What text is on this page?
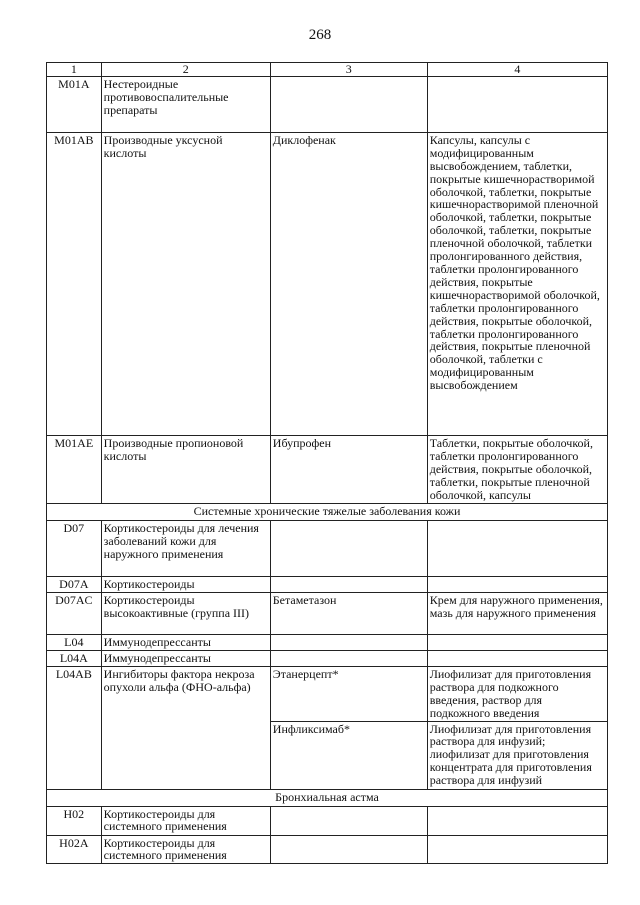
268
1	2	3	4
M01A	Нестероидные противовоспалительные препараты		
M01AB	Производные уксусной кислоты	Диклофенак	Капсулы, капсулы с модифицированным высвобождением, таблетки, покрытые кишечнорастворимой оболочкой, таблетки, покрытые кишечнорастворимой пленочной оболочкой, таблетки, покрытые оболочкой, таблетки, покрытые пленочной оболочкой, таблетки пролонгированного действия, таблетки пролонгированного действия, покрытые кишечнорастворимой оболочкой, таблетки пролонгированного действия, покрытые оболочкой, таблетки пролонгированного действия, покрытые пленочной оболочкой, таблетки с модифицированным высвобождением
M01AE	Производные пропионовой кислоты	Ибупрофен	Таблетки, покрытые оболочкой, таблетки пролонгированного действия, покрытые оболочкой, таблетки, покрытые пленочной оболочкой, капсулы
Системные хронические тяжелые заболевания кожи			
D07	Кортикостероиды для лечения заболеваний кожи для наружного применения		
D07A	Кортикостероиды		
D07AC	Кортикостероиды высокоактивные (группа III)	Бетаметазон	Крем для наружного применения, мазь для наружного применения
L04	Иммунодепрессанты		
L04A	Иммунодепрессанты		
L04AB	Ингибиторы фактора некроза опухоли альфа (ФНО-альфа)	Этанерцепт*	Лиофилизат для приготовления раствора для подкожного введения, раствор для подкожного введения
		Инфликсимаб*	Лиофилизат для приготовления раствора для инфузий; лиофилизат для приготовления концентрата для приготовления раствора для инфузий
Бронхиальная астма			
H02	Кортикостероиды для системного применения		
H02A	Кортикостероиды для системного применения		
